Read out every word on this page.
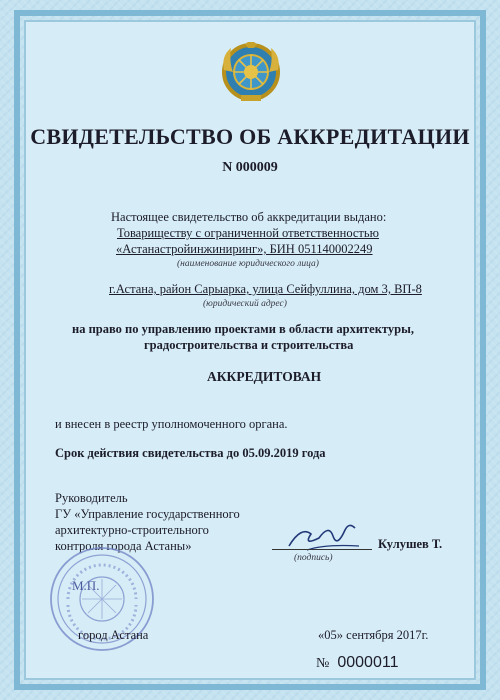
СВИДЕТЕЛЬСТВО ОБ АККРЕДИТАЦИИ
N 000009
Настоящее свидетельство об аккредитации выдано:
Товариществу с ограниченной ответственностью
«Астанастройинжиниринг», БИН 051140002249
(наименование юридического лица)
г.Астана, район Сарыарка, улица Сейфуллина, дом 3, ВП-8
(юридический адрес)
на право по управлению проектами в области архитектуры,
градостроительства и строительства
АККРЕДИТОВАН
и внесен в реестр уполномоченного органа.
Срок действия свидетельства до 05.09.2019 года
Руководитель
ГУ «Управление государственного
архитектурно-строительного
контроля города Астаны»
(подпись)
Кулушев Т.
М.П.
город Астана	«05» сентября 2017г.
№ 0000011
